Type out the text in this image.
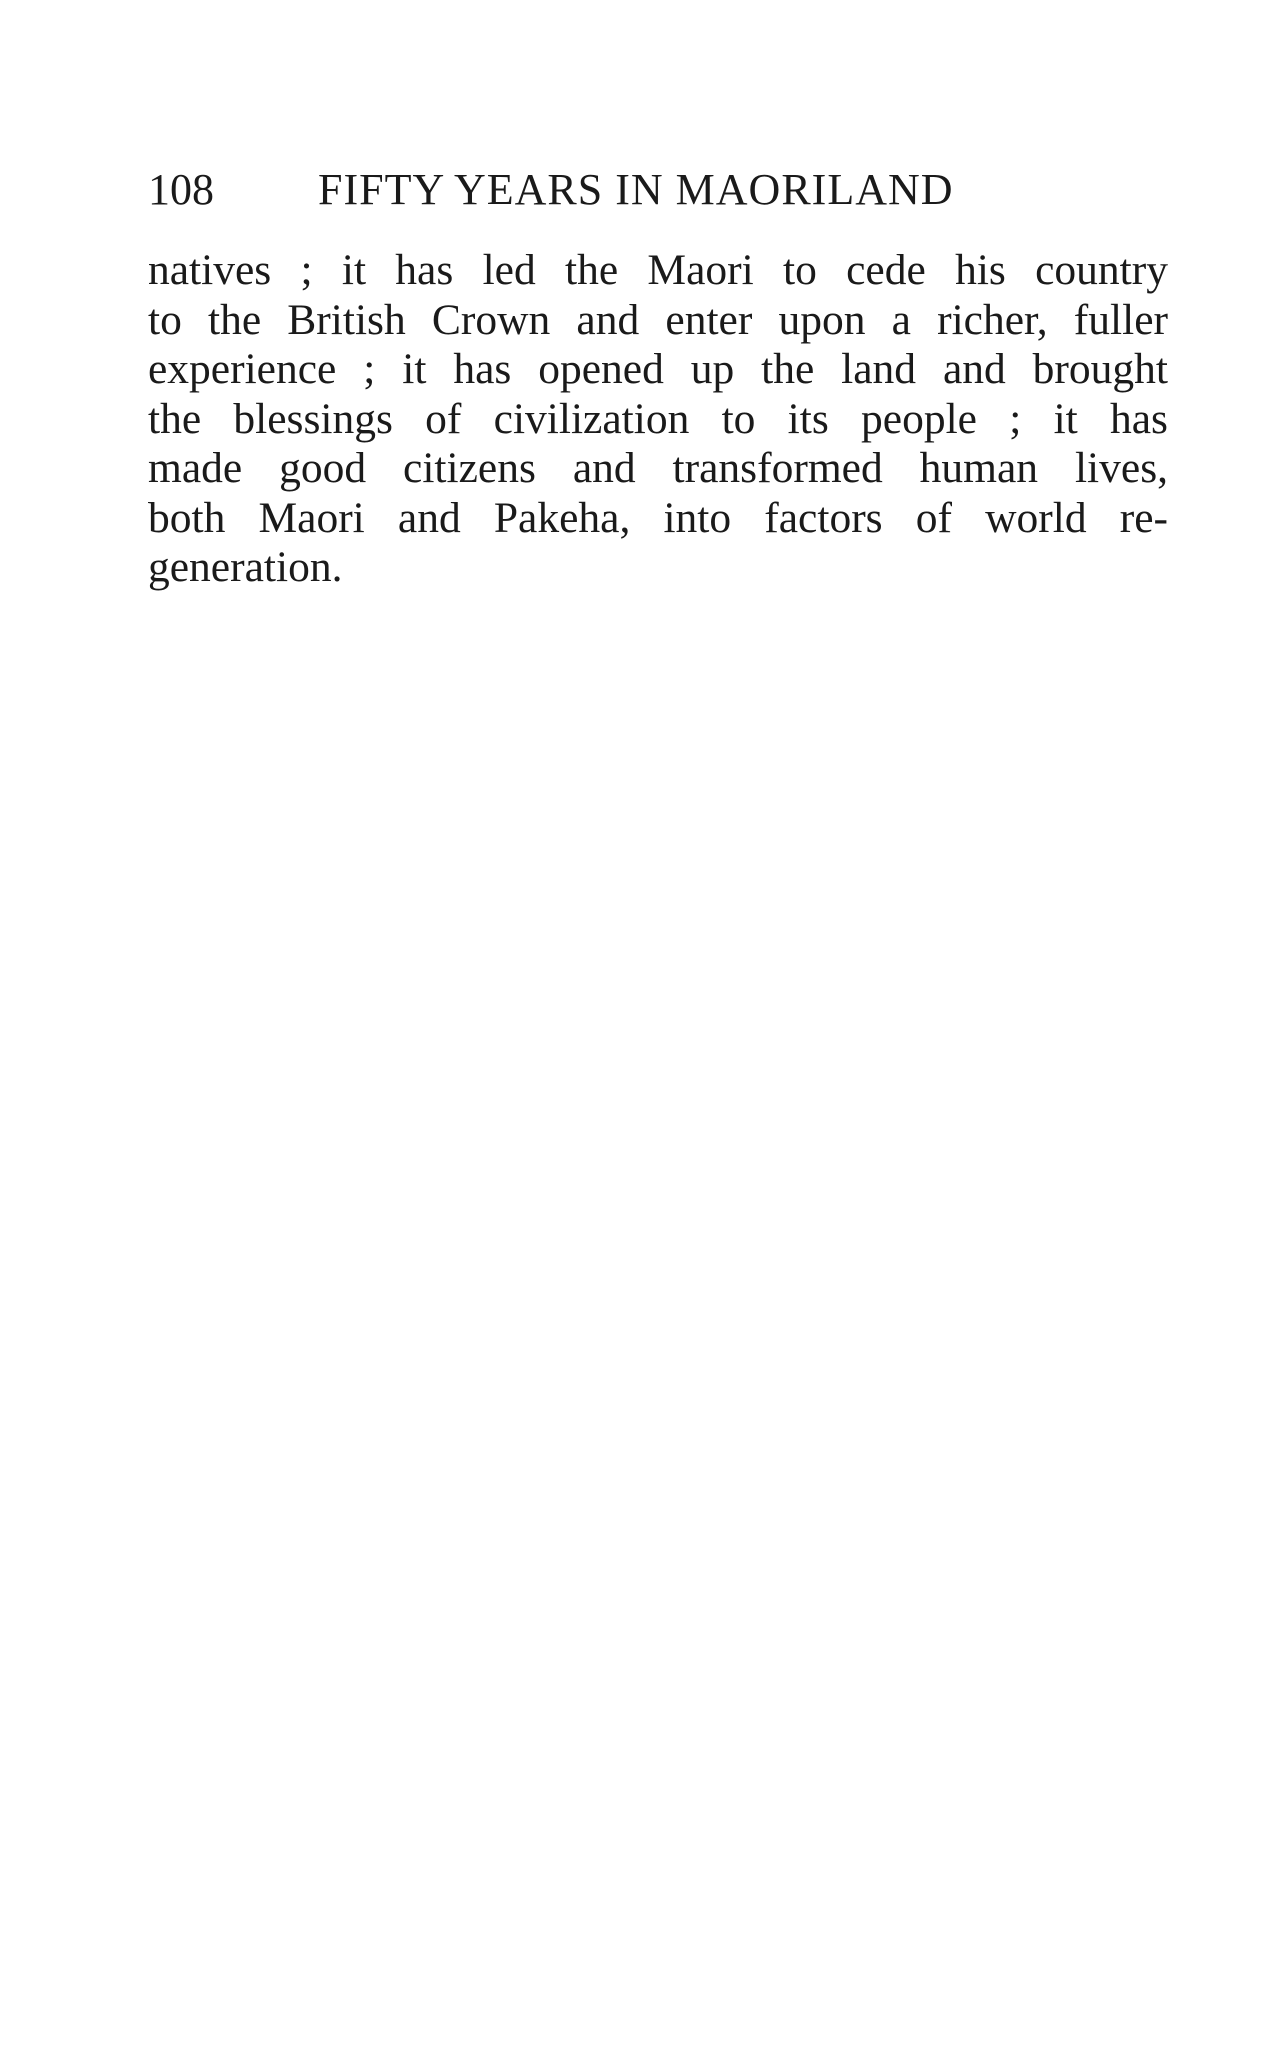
108 FIFTY YEARS IN MAORILAND
natives ; it has led the Maori to cede his country
to the British Crown and enter upon a richer, fuller
experience ; it has opened up the land and brought
the blessings of civilization to its people ; it has
made good citizens and transformed human lives,
both Maori and Pakeha, into factors of world re-
generation.
